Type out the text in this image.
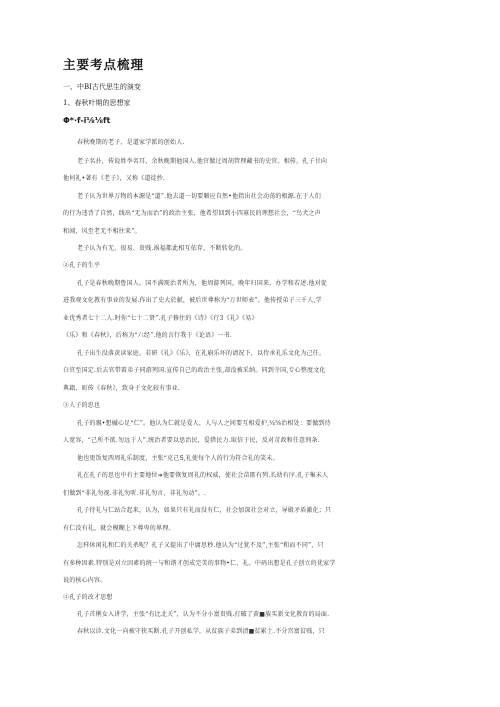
主要考点梳理
一、中BI古代思生的演变
1、春秋叶期的思想家
Φ*·f-i⅛⅛ft
春秋晚期的老子，是道家学派的创始人.
老子名扑，传说姓李名耳，余秋晚期他国人.他官做过周胡管理藏书的史官。相传，孔子甘向
他何礼•著有《老子》，又称《道徒抄.
老子认为世界万物的本源是“道”.他去道一切要顺应自然•他指出社会动荡的根源.在于人们
的行为违背了自然，线出“无为而治”的政治主张，他希望回到小四寡民的理想社会，“鸟犬之声
和闻，风至老无不相往来”。
老子认为有无、很易、贵贱.祸福都此相互依存，不断转化的。
②孔子的生平
孔子是春秋晚期鲁国人。国不满现治者所为，他周游列国，晚年归国来，办学和若述.他对促
进我观文化教有事业的发展.作出了史大於献，被后世尊称为“万世师表”。他传授弟子三千人,学
业优秀者七十二人.时你“七十二贤”.孔子修住的《诗》《行3《礼》《易》
《乐》和《春秋》，后称为“六经”.他的言行我于《论语》一书.
孔子出生没落黄读家庭。若研《礼》《乐》，在礼崩乐坏的请况下，以侍承礼乐文化为己任。
白官至国定.后去官带着弟子同游列国.宣传自己的政治主张,却没被采纳。同到寺国,专心整度文化
典籍、町传《春秋》，致身于文化较有事业.
③人子的思也
孔子的親•想槭心足“仁”。他认为仁就是爱人，人与人之间要互相爱护,¼⅝治相处：要做到待
人宽容，“己所不欲.勿远于人”.统治者要以思治民，爱措民力.取信于民，反对苛政和任意刑条.
他也更饭复西周礼乐制度，主张“克己S,礼使每个人的行为符合礼的笑未。
礼在孔子的思也中有主要地位➔他要恢复周礼的权威，使社会苗匿有列.长幼有序.孔子集未人
们做到“非礼勿视.非礼勿听.非礼勿言，非礼勿动”。.
孔子待礼与仁站合起来，认为，如果只有礼而没有仁，社会加深社会对立，导殿矛盾激化；只
有仁没有礼，就会模糊上下尊卑的界理。
怎样休闲礼和仁的关杀呢？孔子又提出了中庸思秒.他认为“过犹不及”,主张“和而不同”，只
有多种因素.特别是对立因素的统一与和谐才创成完美的事物•仁、礼、中码出想是孔子创立的优家学
说的核心内容。
④孔子的改才思想
孔子首俐女入讲学，主张“有比北关”，认为不分小富贵贱.打破了黄■族买新文化教育的局面.
春秋以诊.文化一向被守狭买断.孔子开创私学，从贫族子弟到清■贫累土.不分宫富贫贱，只
